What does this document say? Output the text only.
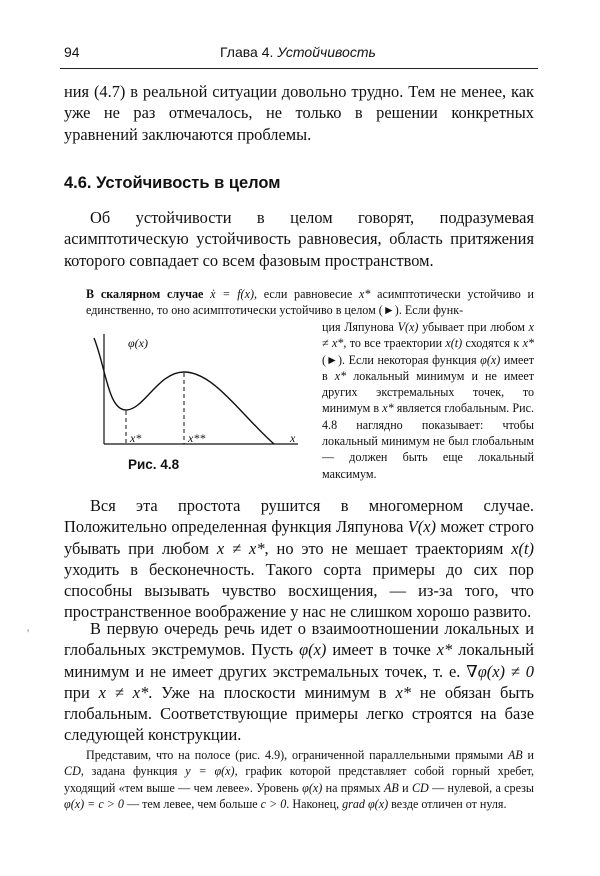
94	Глава 4. Устойчивость

ния (4.7) в реальной ситуации довольно трудно. Тем не менее, как уже не раз отмечалось, не только в решении конкретных уравнений заключаются проблемы.

4.6. Устойчивость в целом

Об устойчивости в целом говорят, подразумевая асимптотическую устойчивость равновесия, область притяжения которого совпадает со всем фазовым пространством.

В скалярном случае ẋ = f(x), если равновесие x* асимптотически устойчиво и единственно, то оно асимптотически устойчиво в целом (►). Если функ-

ция Ляпунова V(x) убывает при любом x ≠ x*, то все траектории x(t) сходятся к x* (►). Если некоторая функция φ(x) имеет в x* локальный минимум и не имеет других экстремальных точек, то минимум в x* является глобальным. Рис. 4.8 наглядно показывает: чтобы локальный минимум не был глобальным — должен быть еще локальный максимум.

φ(x)
x*	x**	x
Рис. 4.8

Вся эта простота рушится в многомерном случае. Положительно определенная функция Ляпунова V(x) может строго убывать при любом x ≠ x*, но это не мешает траекториям x(t) уходить в бесконечность. Такого сорта примеры до сих пор способны вызывать чувство восхищения, — из-за того, что пространственное воображение у нас не слишком хорошо развито.

'	В первую очередь речь идет о взаимоотношении локальных и глобальных экстремумов. Пусть φ(x) имеет в точке x* локальный минимум и не имеет других экстремальных точек, т. е. ∇φ(x) ≠ 0 при x ≠ x*. Уже на плоскости минимум в x* не обязан быть глобальным. Соответствующие примеры легко строятся на базе следующей конструкции.

Представим, что на полосе (рис. 4.9), ограниченной параллельными прямыми AB и CD, задана функция y = φ(x), график которой представляет собой горный хребет, уходящий «тем выше — чем левее». Уровень φ(x) на прямых AB и CD — нулевой, а срезы φ(x) = c > 0 — тем левее, чем больше c > 0. Наконец, grad φ(x) везде отличен от нуля.
